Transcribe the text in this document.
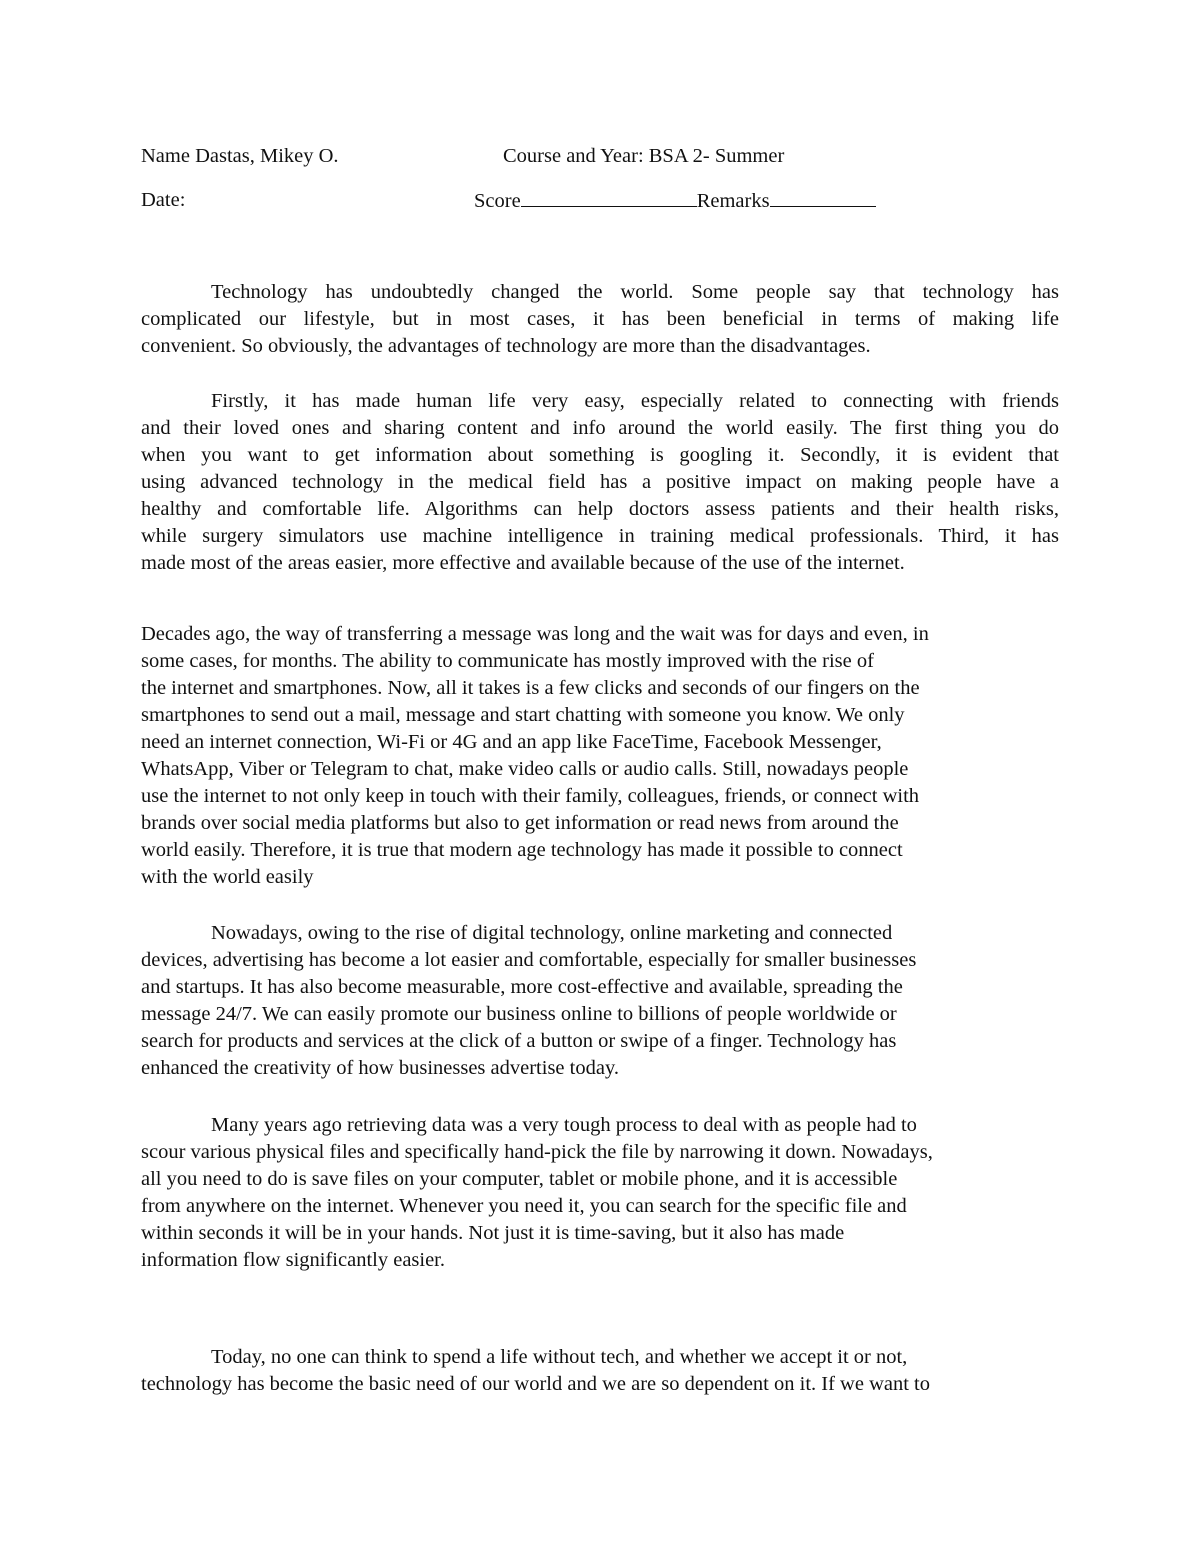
Name Dastas, Mikey O.	Course and Year: BSA 2- Summer
Date:	Score	Remarks
Technology has undoubtedly changed the world. Some people say that technology has
complicated our lifestyle, but in most cases, it has been beneficial in terms of making life
convenient. So obviously, the advantages of technology are more than the disadvantages.
Firstly, it has made human life very easy, especially related to connecting with friends
and their loved ones and sharing content and info around the world easily. The first thing you do
when you want to get information about something is googling it. Secondly, it is evident that
using advanced technology in the medical field has a positive impact on making people have a
healthy and comfortable life. Algorithms can help doctors assess patients and their health risks,
while surgery simulators use machine intelligence in training medical professionals. Third, it has
made most of the areas easier, more effective and available because of the use of the internet.
Decades ago, the way of transferring a message was long and the wait was for days and even, in
some cases, for months. The ability to communicate has mostly improved with the rise of
the internet and smartphones. Now, all it takes is a few clicks and seconds of our fingers on the
smartphones to send out a mail, message and start chatting with someone you know. We only
need an internet connection, Wi-Fi or 4G and an app like FaceTime, Facebook Messenger,
WhatsApp, Viber or Telegram to chat, make video calls or audio calls. Still, nowadays people
use the internet to not only keep in touch with their family, colleagues, friends, or connect with
brands over social media platforms but also to get information or read news from around the
world easily. Therefore, it is true that modern age technology has made it possible to connect
with the world easily
Nowadays, owing to the rise of digital technology, online marketing and connected
devices, advertising has become a lot easier and comfortable, especially for smaller businesses
and startups. It has also become measurable, more cost-effective and available, spreading the
message 24/7. We can easily promote our business online to billions of people worldwide or
search for products and services at the click of a button or swipe of a finger. Technology has
enhanced the creativity of how businesses advertise today.
Many years ago retrieving data was a very tough process to deal with as people had to
scour various physical files and specifically hand-pick the file by narrowing it down. Nowadays,
all you need to do is save files on your computer, tablet or mobile phone, and it is accessible
from anywhere on the internet. Whenever you need it, you can search for the specific file and
within seconds it will be in your hands. Not just it is time-saving, but it also has made
information flow significantly easier.
Today, no one can think to spend a life without tech, and whether we accept it or not,
technology has become the basic need of our world and we are so dependent on it. If we want to
